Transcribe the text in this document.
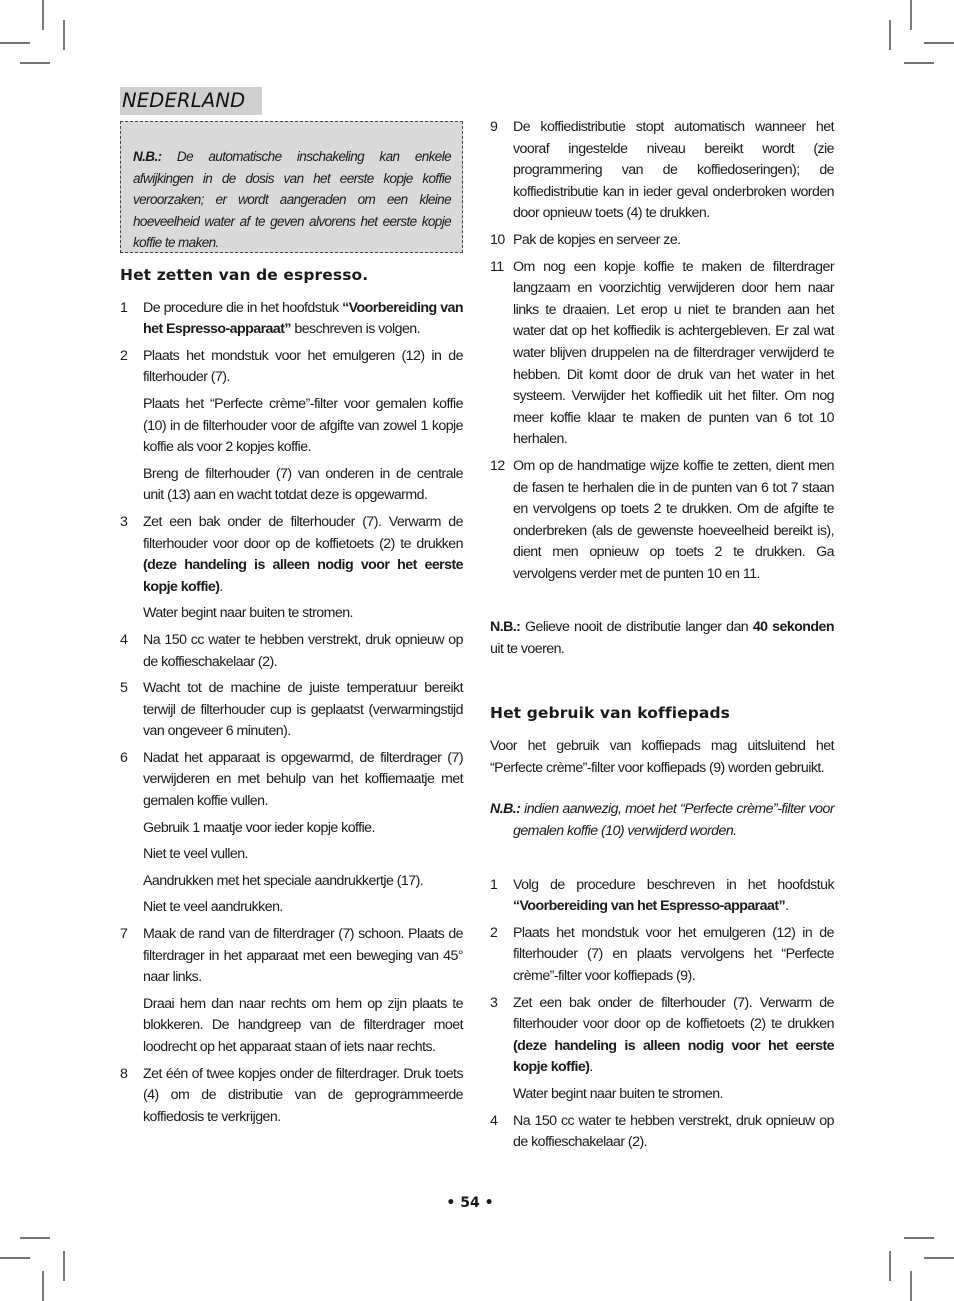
NEDERLAND

N.B.: De automatische inschakeling kan enkele afwijkingen in de dosis van het eerste kopje koffie veroorzaken; er wordt aangeraden om een kleine hoeveelheid water af te geven alvorens het eerste kopje koffie te maken.

Het zetten van de espresso.
1	De procedure die in het hoofdstuk “Voorbereiding van het Espresso-apparaat” beschreven is volgen.

2	Plaats het mondstuk voor het emulgeren (12) in de filterhouder (7).

Plaats het “Perfecte crème”-filter voor gemalen koffie (10) in de filterhouder voor de afgifte van zowel 1 kopje koffie als voor 2 kopjes koffie.

Breng de filterhouder (7) van onderen in de centrale unit (13) aan en wacht totdat deze is opgewarmd.

3	Zet een bak onder de filterhouder (7). Verwarm de filterhouder voor door op de koffietoets (2) te drukken (deze handeling is alleen nodig voor het eerste kopje koffie).

Water begint naar buiten te stromen.

4	Na 150 cc water te hebben verstrekt, druk opnieuw op de koffieschakelaar (2).

5	Wacht tot de machine de juiste temperatuur bereikt terwijl de filterhouder cup is geplaatst (verwarmingstijd van ongeveer 6 minuten).

6	Nadat het apparaat is opgewarmd, de filterdrager (7) verwijderen en met behulp van het koffiemaatje met gemalen koffie vullen.

Gebruik 1 maatje voor ieder kopje koffie.

Niet te veel vullen.

Aandrukken met het speciale aandrukkertje (17).

Niet te veel aandrukken.

7	Maak de rand van de filterdrager (7) schoon. Plaats de filterdrager in het apparaat met een beweging van 45° naar links.

Draai hem dan naar rechts om hem op zijn plaats te blokkeren. De handgreep van de filterdrager moet loodrecht op het apparaat staan of iets naar rechts.

8	Zet één of twee kopjes onder de filterdrager. Druk toets (4) om de distributie van de geprogrammeerde koffiedosis te verkrijgen.

9	De koffiedistributie stopt automatisch wanneer het vooraf ingestelde niveau bereikt wordt (zie programmering van de koffiedoseringen); de koffiedistributie kan in ieder geval onderbroken worden door opnieuw toets (4) te drukken.

10 Pak de kopjes en serveer ze.

11 Om nog een kopje koffie te maken de filterdrager langzaam en voorzichtig verwijderen door hem naar links te draaien. Let erop u niet te branden aan het water dat op het koffiedik is achtergebleven. Er zal wat water blijven druppelen na de filterdrager verwijderd te hebben. Dit komt door de druk van het water in het systeem. Verwijder het koffiedik uit het filter. Om nog meer koffie klaar te maken de punten van 6 tot 10 herhalen.

12 Om op de handmatige wijze koffie te zetten, dient men de fasen te herhalen die in de punten van 6 tot 7 staan en vervolgens op toets 2 te drukken. Om de afgifte te onderbreken (als de gewenste hoeveelheid bereikt is), dient men opnieuw op toets 2 te drukken. Ga vervolgens verder met de punten 10 en 11.

N.B.: Gelieve nooit de distributie langer dan 40 sekonden uit te voeren.

Het gebruik van koffiepads

Voor het gebruik van koffiepads mag uitsluitend het “Perfecte crème”-filter voor koffiepads (9) worden gebruikt.

N.B.: indien aanwezig, moet het “Perfecte crème”-filter voor gemalen koffie (10) verwijderd worden.

1	Volg de procedure beschreven in het hoofdstuk “Voorbereiding van het Espresso-apparaat”.

2	Plaats het mondstuk voor het emulgeren (12) in de filterhouder (7) en plaats vervolgens het “Perfecte crème”-filter voor koffiepads (9).

3	Zet een bak onder de filterhouder (7). Verwarm de filterhouder voor door op de koffietoets (2) te drukken (deze handeling is alleen nodig voor het eerste kopje koffie).

Water begint naar buiten te stromen.

4	Na 150 cc water te hebben verstrekt, druk opnieuw op de koffieschakelaar (2).

• 54 •
